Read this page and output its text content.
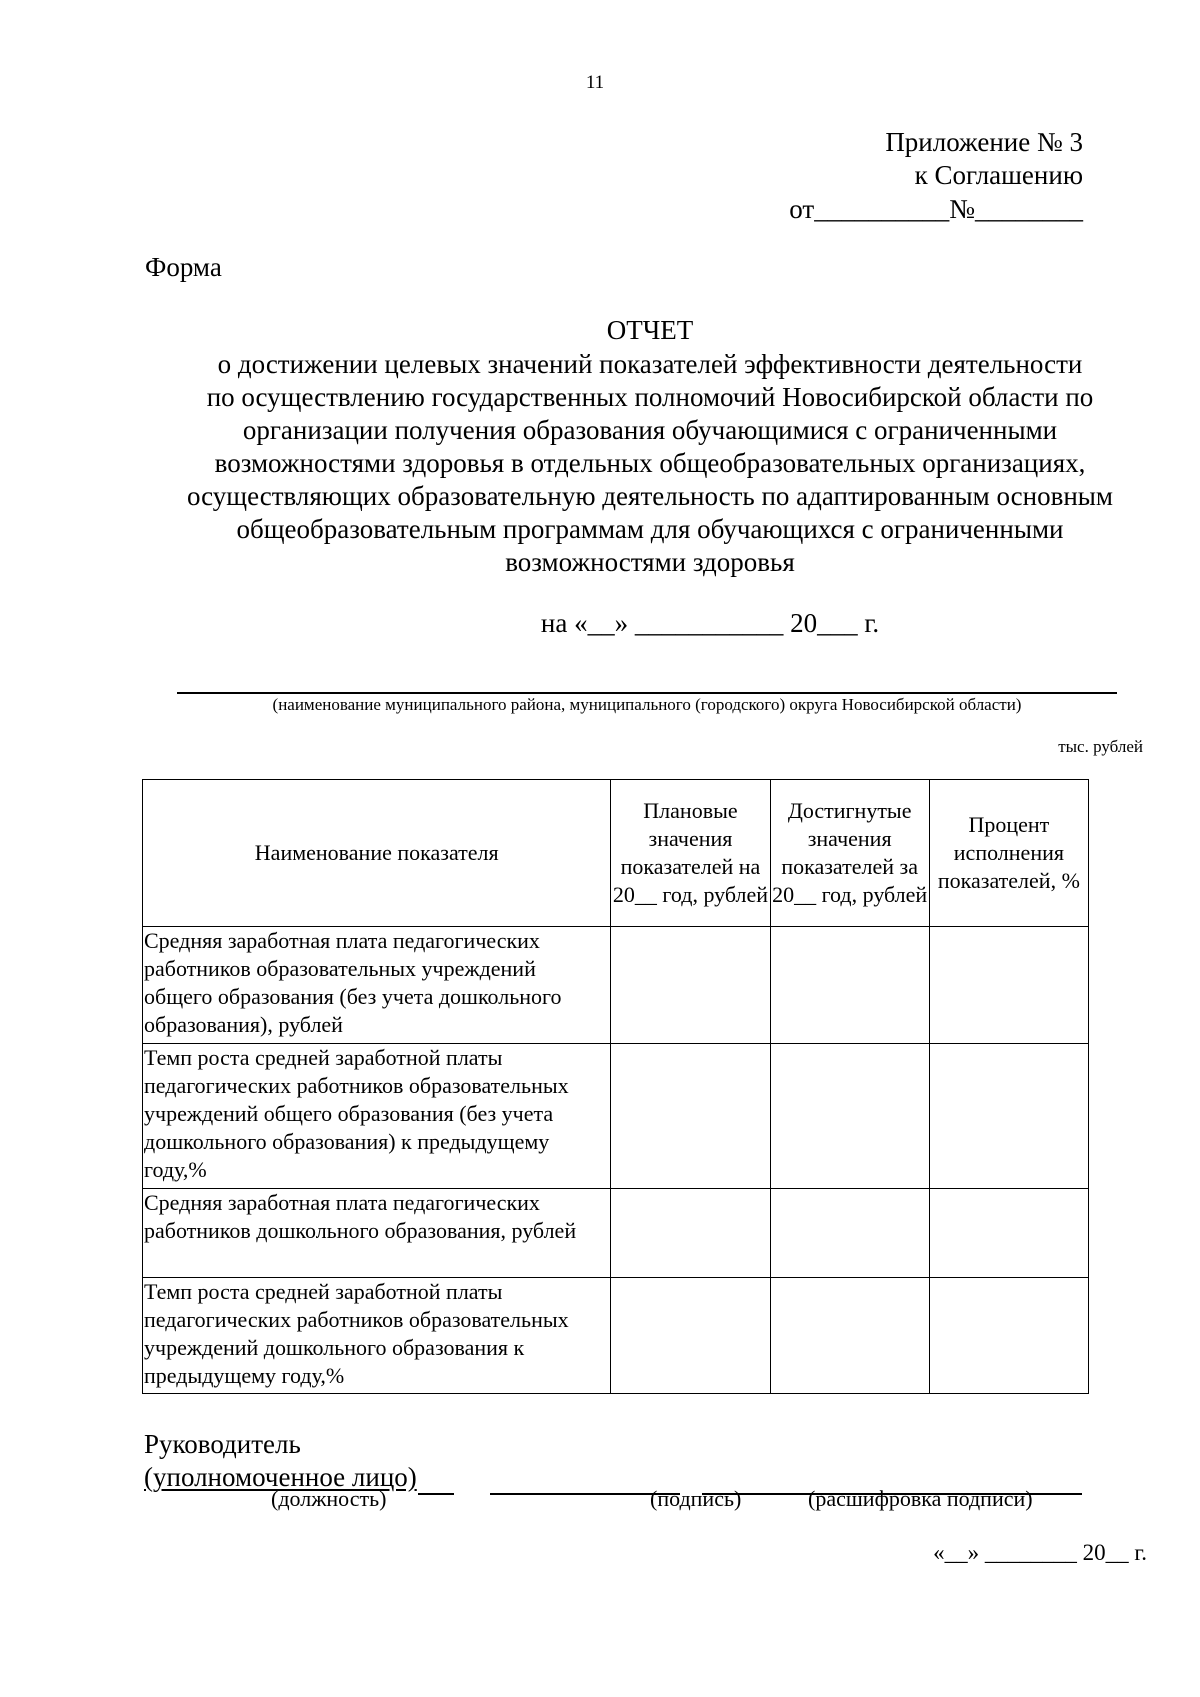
11
Приложение № 3
к Соглашению
от__________№________
Форма
ОТЧЕТ
о достижении целевых значений показателей эффективности деятельности
по осуществлению государственных полномочий Новосибирской области по
организации получения образования обучающимися с ограниченными
возможностями здоровья в отдельных общеобразовательных организациях,
осуществляющих образовательную деятельность по адаптированным основным
общеобразовательным программам для обучающихся с ограниченными
возможностями здоровья
на «__» ___________ 20___ г.
(наименование муниципального района, муниципального (городского) округа Новосибирской области)
тыс. рублей
Наименование показателя	Плановые значения показателей на 20__ год, рублей	Достигнутые значения показателей за 20__ год, рублей	Процент исполнения показателей, %
Средняя заработная плата педагогических работников образовательных учреждений общего образования (без учета дошкольного образования), рублей			
Темп роста средней заработной платы педагогических работников образовательных учреждений общего образования (без учета дошкольного образования) к предыдущему году,%			
Средняя заработная плата педагогических работников дошкольного образования, рублей			
Темп роста средней заработной платы педагогических работников образовательных учреждений дошкольного образования к предыдущему году,%			
Руководитель
(уполномоченное лицо)
(должность)	(подпись)	(расшифровка подписи)
«__» ________ 20__ г.
